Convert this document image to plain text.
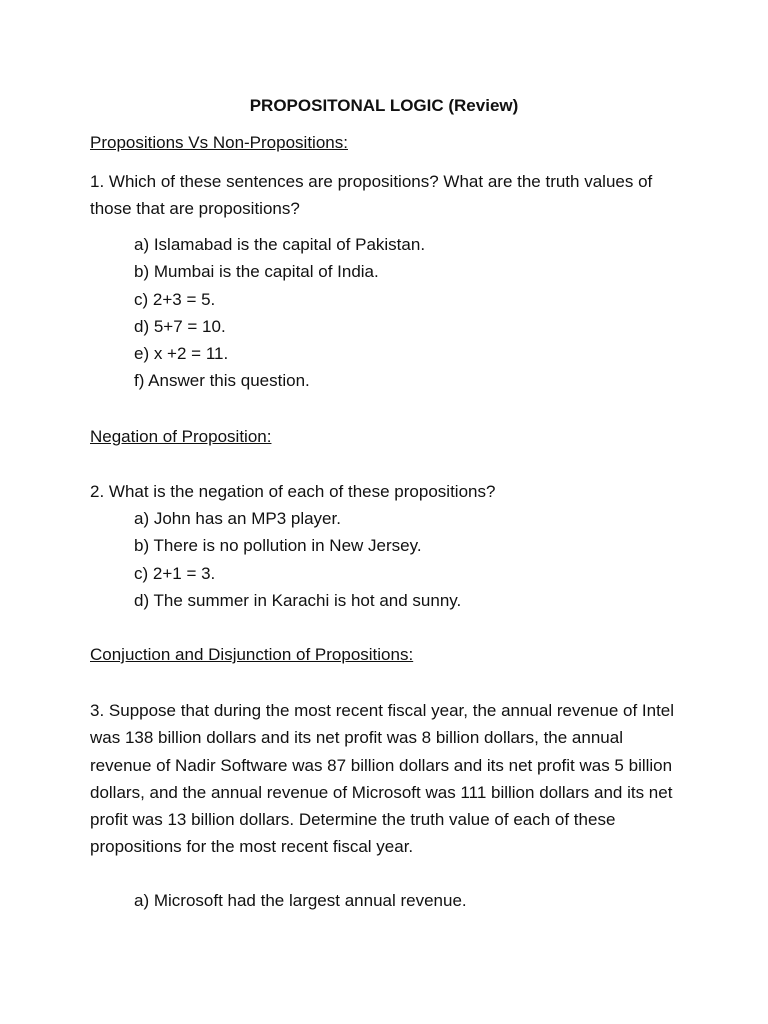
PROPOSITONAL LOGIC (Review)
Propositions Vs Non-Propositions:
1. Which of these sentences are propositions? What are the truth values of those that are propositions?
a) Islamabad is the capital of Pakistan.
b) Mumbai is the capital of India.
c) 2+3 = 5.
d) 5+7 = 10.
e) x +2 = 11.
f) Answer this question.
Negation of Proposition:
2. What is the negation of each of these propositions?
a) John has an MP3 player.
b) There is no pollution in New Jersey.
c) 2+1 = 3.
d) The summer in Karachi is hot and sunny.
Conjuction and Disjunction of Propositions:
3. Suppose that during the most recent fiscal year, the annual revenue of Intel was 138 billion dollars and its net profit was 8 billion dollars, the annual revenue of Nadir Software was 87 billion dollars and its net profit was 5 billion dollars, and the annual revenue of Microsoft was 111 billion dollars and its net profit was 13 billion dollars. Determine the truth value of each of these propositions for the most recent fiscal year.
a) Microsoft had the largest annual revenue.
